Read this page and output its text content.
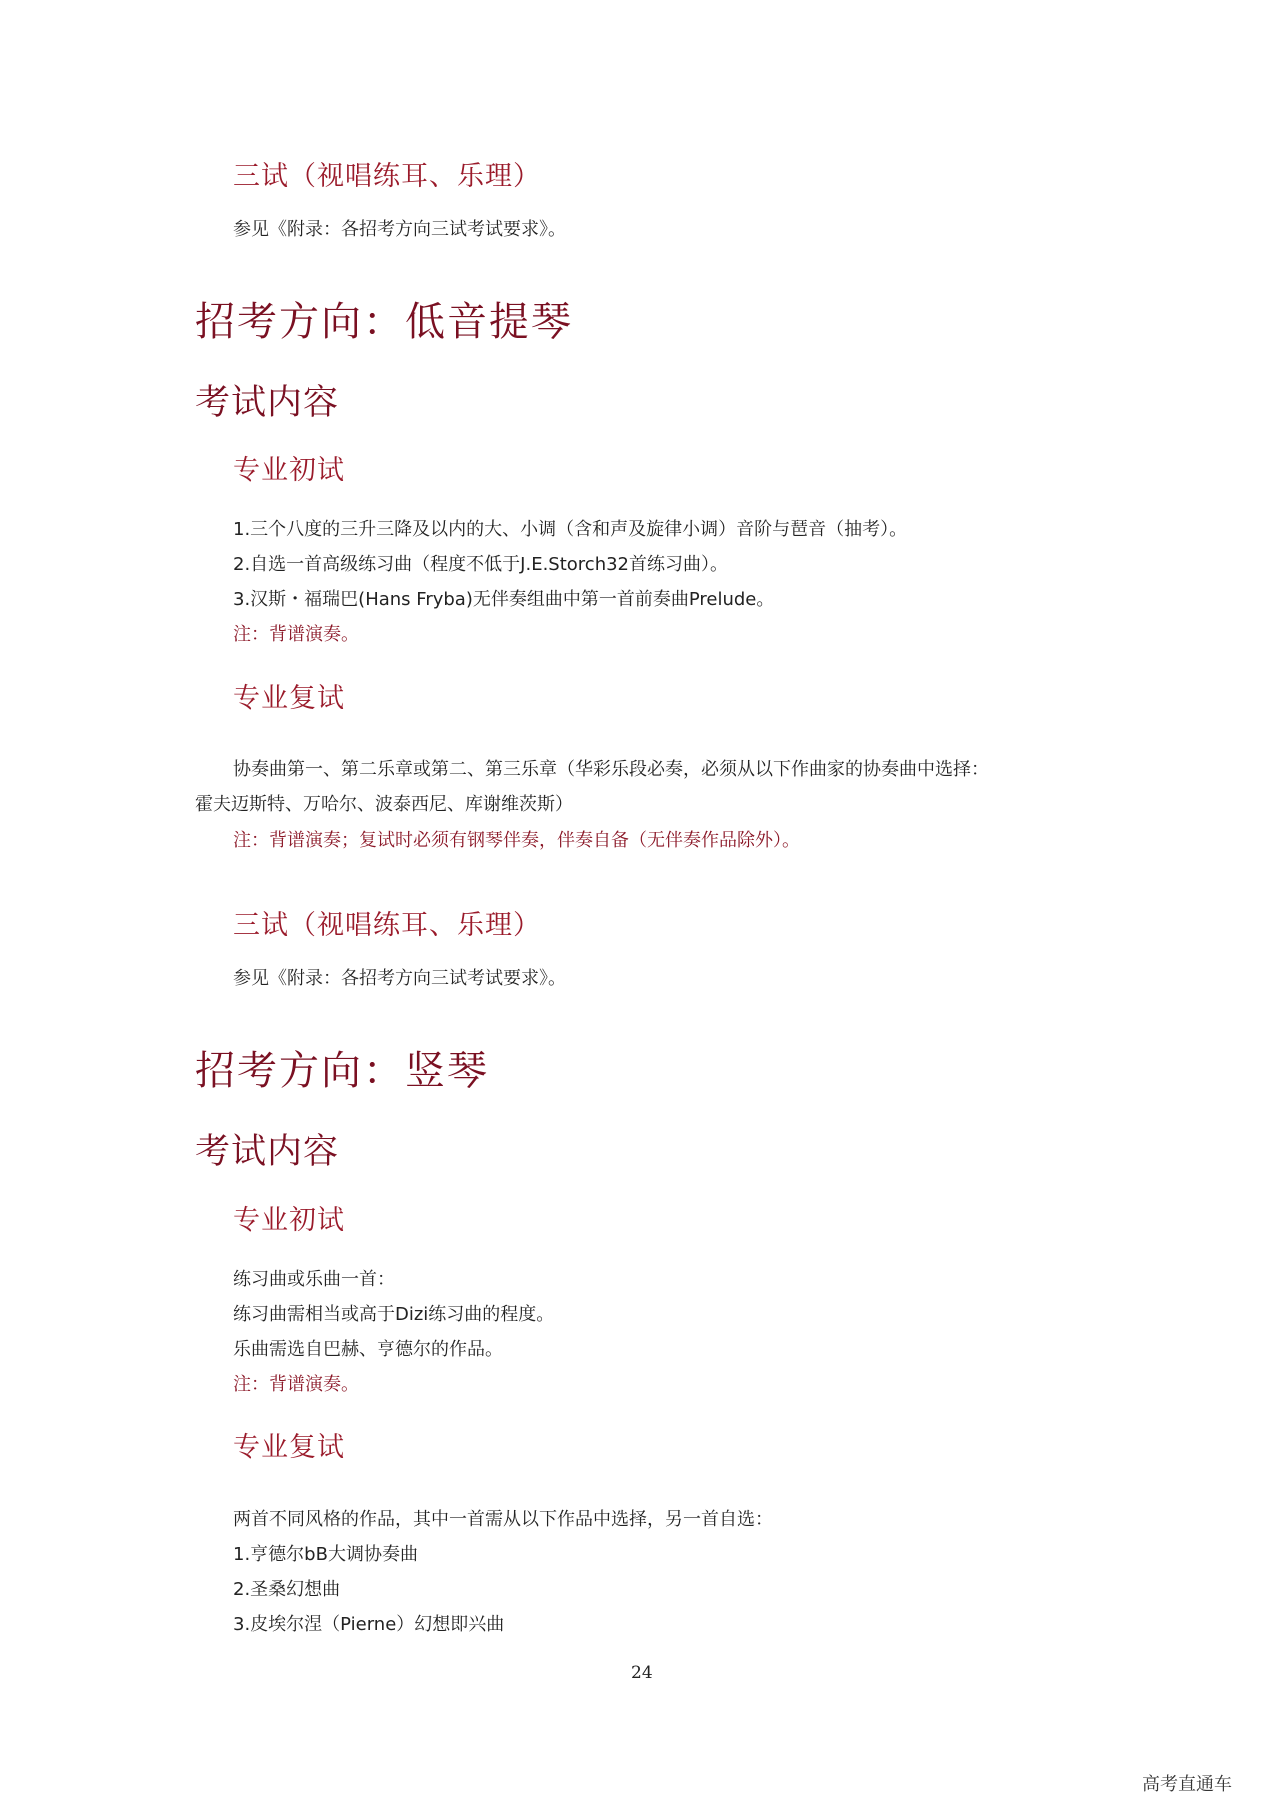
三试（视唱练耳、乐理）
参见《附录：各招考方向三试考试要求》。
招考方向：低音提琴
考试内容
专业初试
1.三个八度的三升三降及以内的大、小调（含和声及旋律小调）音阶与琶音（抽考）。
2.自选一首高级练习曲（程度不低于J.E.Storch32首练习曲）。
3.汉斯・福瑞巴(Hans Fryba)无伴奏组曲中第一首前奏曲Prelude。
注：背谱演奏。
专业复试
协奏曲第一、第二乐章或第二、第三乐章（华彩乐段必奏，必须从以下作曲家的协奏曲中选择：
霍夫迈斯特、万哈尔、波泰西尼、库谢维茨斯）
注：背谱演奏；复试时必须有钢琴伴奏，伴奏自备（无伴奏作品除外）。
三试（视唱练耳、乐理）
参见《附录：各招考方向三试考试要求》。
招考方向：竖琴
考试内容
专业初试
练习曲或乐曲一首：
练习曲需相当或高于Dizi练习曲的程度。
乐曲需选自巴赫、亨德尔的作品。
注：背谱演奏。
专业复试
两首不同风格的作品，其中一首需从以下作品中选择，另一首自选：
1.亨德尔bB大调协奏曲
2.圣桑幻想曲
3.皮埃尔涅（Pierne）幻想即兴曲
24
高考直通车
